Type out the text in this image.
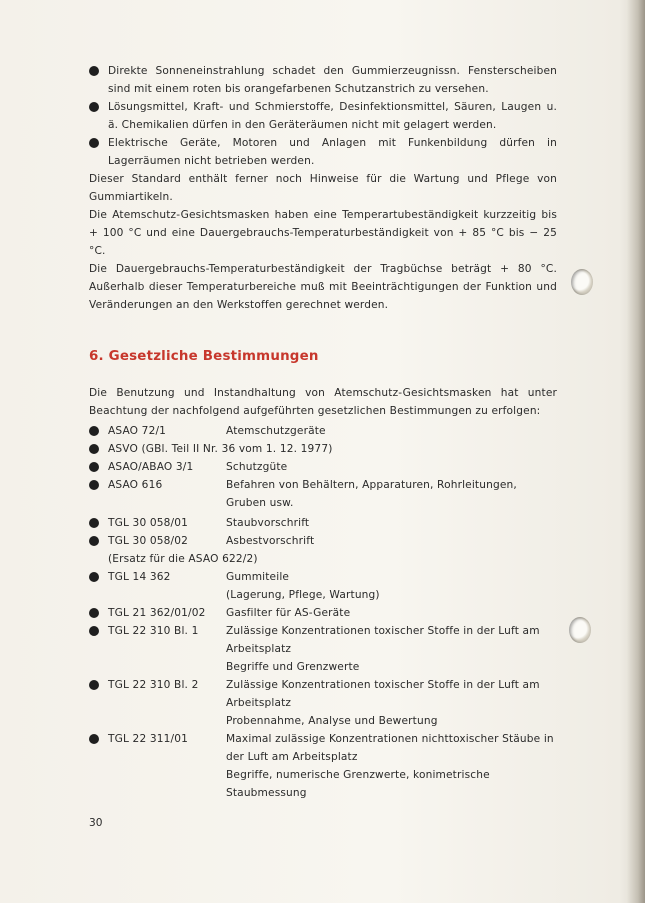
Direkte Sonneneinstrahlung schadet den Gummierzeugnissn. Fensterscheiben sind mit einem roten bis orangefarbenen Schutzanstrich zu versehen.
Lösungsmittel, Kraft- und Schmierstoffe, Desinfektionsmittel, Säuren, Laugen u. ä. Chemikalien dürfen in den Geräteräumen nicht mit gelagert werden.
Elektrische Geräte, Motoren und Anlagen mit Funkenbildung dürfen in Lagerräumen nicht betrieben werden.

Dieser Standard enthält ferner noch Hinweise für die Wartung und Pflege von Gummiartikeln.

Die Atemschutz-Gesichtsmasken haben eine Temperartubeständigkeit kurzzeitig bis + 100 °C und eine Dauergebrauchs-Temperaturbeständigkeit von + 85 °C bis − 25 °C.

Die Dauergebrauchs-Temperaturbeständigkeit der Tragbüchse beträgt + 80 °C. Außerhalb dieser Temperaturbereiche muß mit Beeinträchtigungen der Funktion und Veränderungen an den Werkstoffen gerechnet werden.

6. Gesetzliche Bestimmungen

Die Benutzung und Instandhaltung von Atemschutz-Gesichtsmasken hat unter Beachtung der nachfolgend aufgeführten gesetzlichen Bestimmungen zu erfolgen:

ASAO 72/1	Atemschutzgeräte
ASVO (GBl. Teil II Nr. 36 vom 1. 12. 1977)
ASAO/ABAO 3/1	Schutzgüte
ASAO 616	Befahren von Behältern, Apparaturen, Rohrleitungen, Gruben usw.
TGL 30 058/01	Staubvorschrift
TGL 30 058/02	Asbestvorschrift
(Ersatz für die ASAO 622/2)
TGL 14 362	Gummiteile
(Lagerung, Pflege, Wartung)
TGL 21 362/01/02	Gasfilter für AS-Geräte
TGL 22 310 Bl. 1	Zulässige Konzentrationen toxischer Stoffe in der Luft am Arbeitsplatz
Begriffe und Grenzwerte
TGL 22 310 Bl. 2	Zulässige Konzentrationen toxischer Stoffe in der Luft am Arbeitsplatz
Probennahme, Analyse und Bewertung
TGL 22 311/01	Maximal zulässige Konzentrationen nichttoxischer Stäube in der Luft am Arbeitsplatz
Begriffe, numerische Grenzwerte, konimetrische Staubmessung
30
